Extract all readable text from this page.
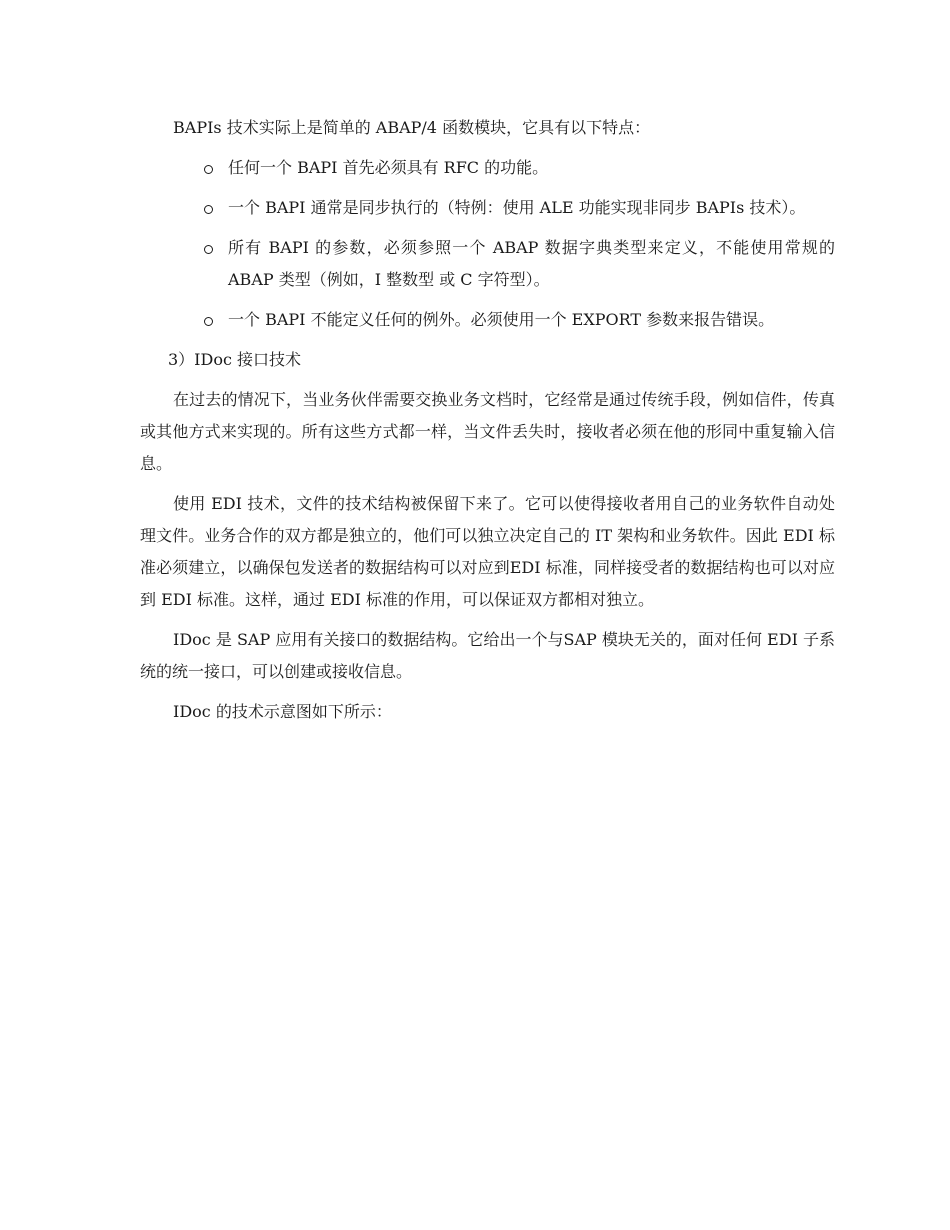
BAPIs 技术实际上是简单的 ABAP/4 函数模块，它具有以下特点：

任何一个 BAPI 首先必须具有 RFC 的功能。
一个 BAPI 通常是同步执行的（特例：使用 ALE 功能实现非同步 BAPIs 技术）。
所有 BAPI 的参数，必须参照一个 ABAP 数据字典类型来定义，不能使用常规的 ABAP 类型（例如，I 整数型 或 C 字符型）。
一个 BAPI 不能定义任何的例外。必须使用一个 EXPORT 参数来报告错误。

3）IDoc 接口技术

在过去的情况下，当业务伙伴需要交换业务文档时，它经常是通过传统手段，例如信件，传真或其他方式来实现的。所有这些方式都一样，当文件丢失时，接收者必须在他的形同中重复输入信息。

使用 EDI 技术，文件的技术结构被保留下来了。它可以使得接收者用自己的业务软件自动处理文件。业务合作的双方都是独立的，他们可以独立决定自己的 IT 架构和业务软件。因此 EDI 标准必须建立，以确保包发送者的数据结构可以对应到EDI 标准，同样接受者的数据结构也可以对应到 EDI 标准。这样，通过 EDI 标准的作用，可以保证双方都相对独立。

IDoc 是 SAP 应用有关接口的数据结构。它给出一个与SAP 模块无关的，面对任何 EDI 子系统的统一接口，可以创建或接收信息。

IDoc 的技术示意图如下所示：
